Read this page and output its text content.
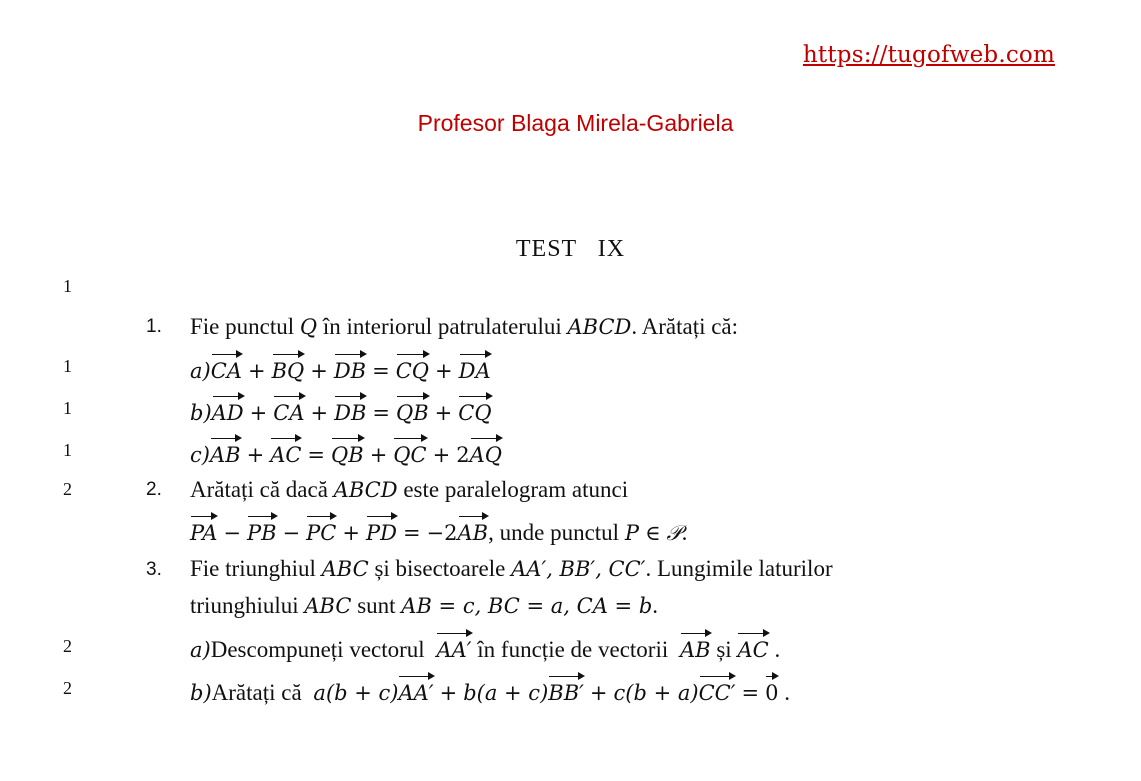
https://tugofweb.com
Profesor Blaga Mirela-Gabriela
TEST IX
1
1
1
1
2
2
2
1. Fie punctul Q în interiorul patrulaterului ABCD. Arătați că:
a)CA + BQ + DB = CQ + DA
b)AD + CA + DB = QB + CQ
c)AB + AC = QB + QC + 2AQ
2. Arătați că dacă ABCD este paralelogram atunci
PA − PB − PC + PD = −2AB, unde punctul P ∈ 𝒫.
3. Fie triunghiul ABC și bisectoarele AA′, BB′, CC′. Lungimile laturilor
triunghiului ABC sunt AB = c, BC = a, CA = b.
a)Descompuneți vectorul AA′ în funcție de vectorii AB și AC .
b)Arătați că a(b + c)AA′ + b(a + c)BB′ + c(b + a)CC′ = 0 .
